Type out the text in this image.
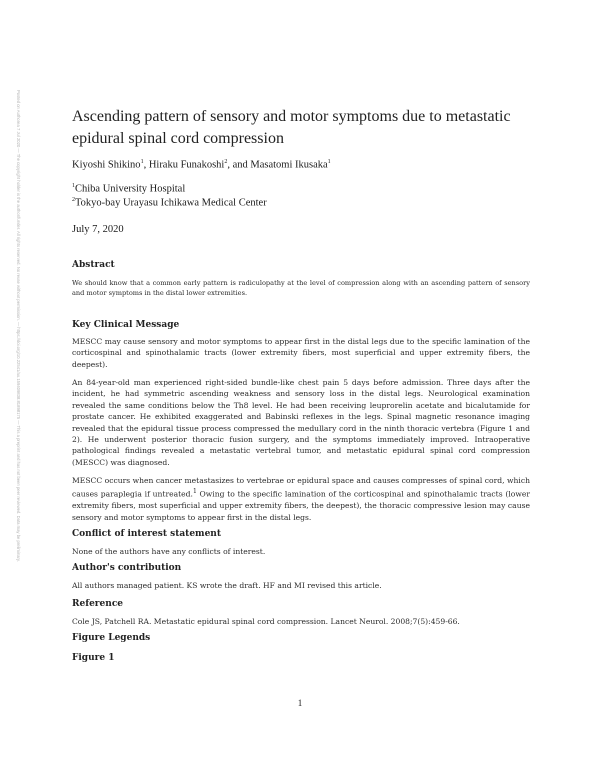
Posted on Authorea 7 Jul 2020 — The copyright holder is the author/funder. All rights reserved. No reuse without permission. — https://doi.org/10.22541/au.159409838.81898175 — This a preprint and has not been peer reviewed. Data may be preliminary.	Ascending pattern of sensory and motor symptoms due to metastatic epidural spinal cord compression
Kiyoshi Shikino$^1$, Hiraku Funakoshi$^2$, and Masatomi Ikusaka$^1$
$^1$Chiba University Hospital
$^2$Tokyo-bay Urayasu Ichikawa Medical Center
July 7, 2020
Abstract
We should know that a common early pattern is radiculopathy at the level of compression along with an ascending pattern of sensory and motor symptoms in the distal lower extremities.
Key Clinical Message
MESCC may cause sensory and motor symptoms to appear first in the distal legs due to the specific lamination of the corticospinal and spinothalamic tracts (lower extremity fibers, most superficial and upper extremity fibers, the deepest).
An 84-year-old man experienced right-sided bundle-like chest pain 5 days before admission. Three days after the incident, he had symmetric ascending weakness and sensory loss in the distal legs. Neurological examination revealed the same conditions below the Th8 level. He had been receiving leuprorelin acetate and bicalutamide for prostate cancer. He exhibited exaggerated and Babinski reflexes in the legs. Spinal magnetic resonance imaging revealed that the epidural tissue process compressed the medullary cord in the ninth thoracic vertebra (Figure 1 and 2). He underwent posterior thoracic fusion surgery, and the symptoms immediately improved. Intraoperative pathological findings revealed a metastatic vertebral tumor, and metastatic epidural spinal cord compression (MESCC) was diagnosed.
MESCC occurs when cancer metastasizes to vertebrae or epidural space and causes compresses of spinal cord, which causes paraplegia if untreated.$^1$ Owing to the specific lamination of the corticospinal and spinothalamic tracts (lower extremity fibers, most superficial and upper extremity fibers, the deepest), the thoracic compressive lesion may cause sensory and motor symptoms to appear first in the distal legs.
Conflict of interest statement
None of the authors have any conflicts of interest.
Author's contribution
All authors managed patient. KS wrote the draft. HF and MI revised this article.
Reference
Cole JS, Patchell RA. Metastatic epidural spinal cord compression. Lancet Neurol. 2008;7(5):459-66.
Figure Legends
Figure 1
1
